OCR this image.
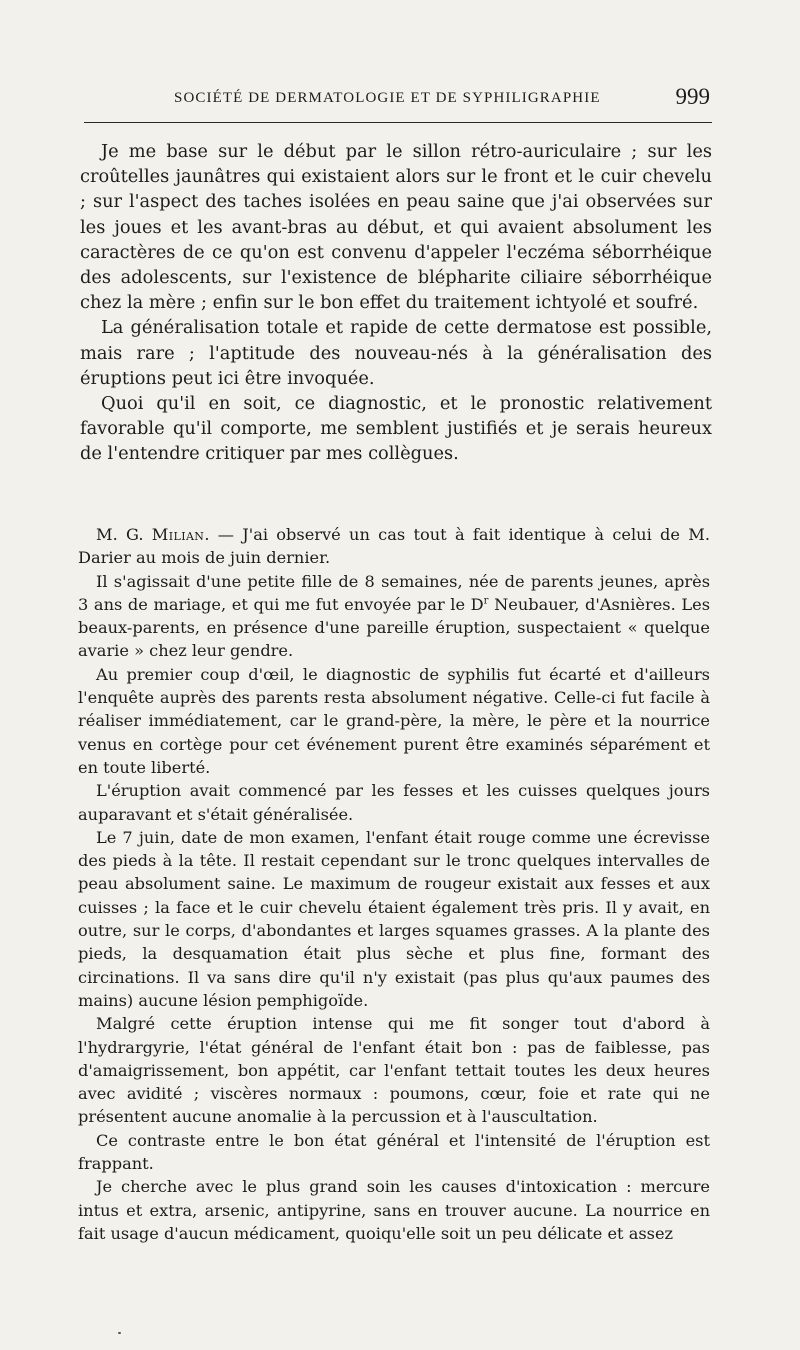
SOCIÉTÉ DE DERMATOLOGIE ET DE SYPHILIGRAPHIE	999

Je me base sur le début par le sillon rétro-auriculaire ; sur les croûtelles jaunâtres qui existaient alors sur le front et le cuir chevelu ; sur l'aspect des taches isolées en peau saine que j'ai observées sur les joues et les avant-bras au début, et qui avaient absolument les caractères de ce qu'on est convenu d'appeler l'eczéma séborrhéique des adolescents, sur l'existence de blépharite ciliaire séborrhéique chez la mère ; enfin sur le bon effet du traitement ichtyolé et soufré.

La généralisation totale et rapide de cette dermatose est possible, mais rare ; l'aptitude des nouveau-nés à la généralisation des éruptions peut ici être invoquée.

Quoi qu'il en soit, ce diagnostic, et le pronostic relativement favorable qu'il comporte, me semblent justifiés et je serais heureux de l'entendre critiquer par mes collègues.

M. G. Milian. — J'ai observé un cas tout à fait identique à celui de M. Darier au mois de juin dernier.

Il s'agissait d'une petite fille de 8 semaines, née de parents jeunes, après 3 ans de mariage, et qui me fut envoyée par le $D^r$ Neubauer, d'Asnières. Les beaux-parents, en présence d'une pareille éruption, suspectaient « quelque avarie » chez leur gendre.

Au premier coup d'œil, le diagnostic de syphilis fut écarté et d'ailleurs l'enquête auprès des parents resta absolument négative. Celle-ci fut facile à réaliser immédiatement, car le grand-père, la mère, le père et la nourrice venus en cortège pour cet événement purent être examinés séparément et en toute liberté.

L'éruption avait commencé par les fesses et les cuisses quelques jours auparavant et s'était généralisée.

Le 7 juin, date de mon examen, l'enfant était rouge comme une écrevisse des pieds à la tête. Il restait cependant sur le tronc quelques intervalles de peau absolument saine. Le maximum de rougeur existait aux fesses et aux cuisses ; la face et le cuir chevelu étaient également très pris. Il y avait, en outre, sur le corps, d'abondantes et larges squames grasses. A la plante des pieds, la desquamation était plus sèche et plus fine, formant des circinations. Il va sans dire qu'il n'y existait (pas plus qu'aux paumes des mains) aucune lésion pemphigoïde.

Malgré cette éruption intense qui me fit songer tout d'abord à l'hydrargyrie, l'état général de l'enfant était bon : pas de faiblesse, pas d'amaigrissement, bon appétit, car l'enfant tettait toutes les deux heures avec avidité ; viscères normaux : poumons, cœur, foie et rate qui ne présentent aucune anomalie à la percussion et à l'auscultation.

Ce contraste entre le bon état général et l'intensité de l'éruption est frappant.

Je cherche avec le plus grand soin les causes d'intoxication : mercure intus et extra, arsenic, antipyrine, sans en trouver aucune. La nourrice en fait usage d'aucun médicament, quoiqu'elle soit un peu délicate et assez
